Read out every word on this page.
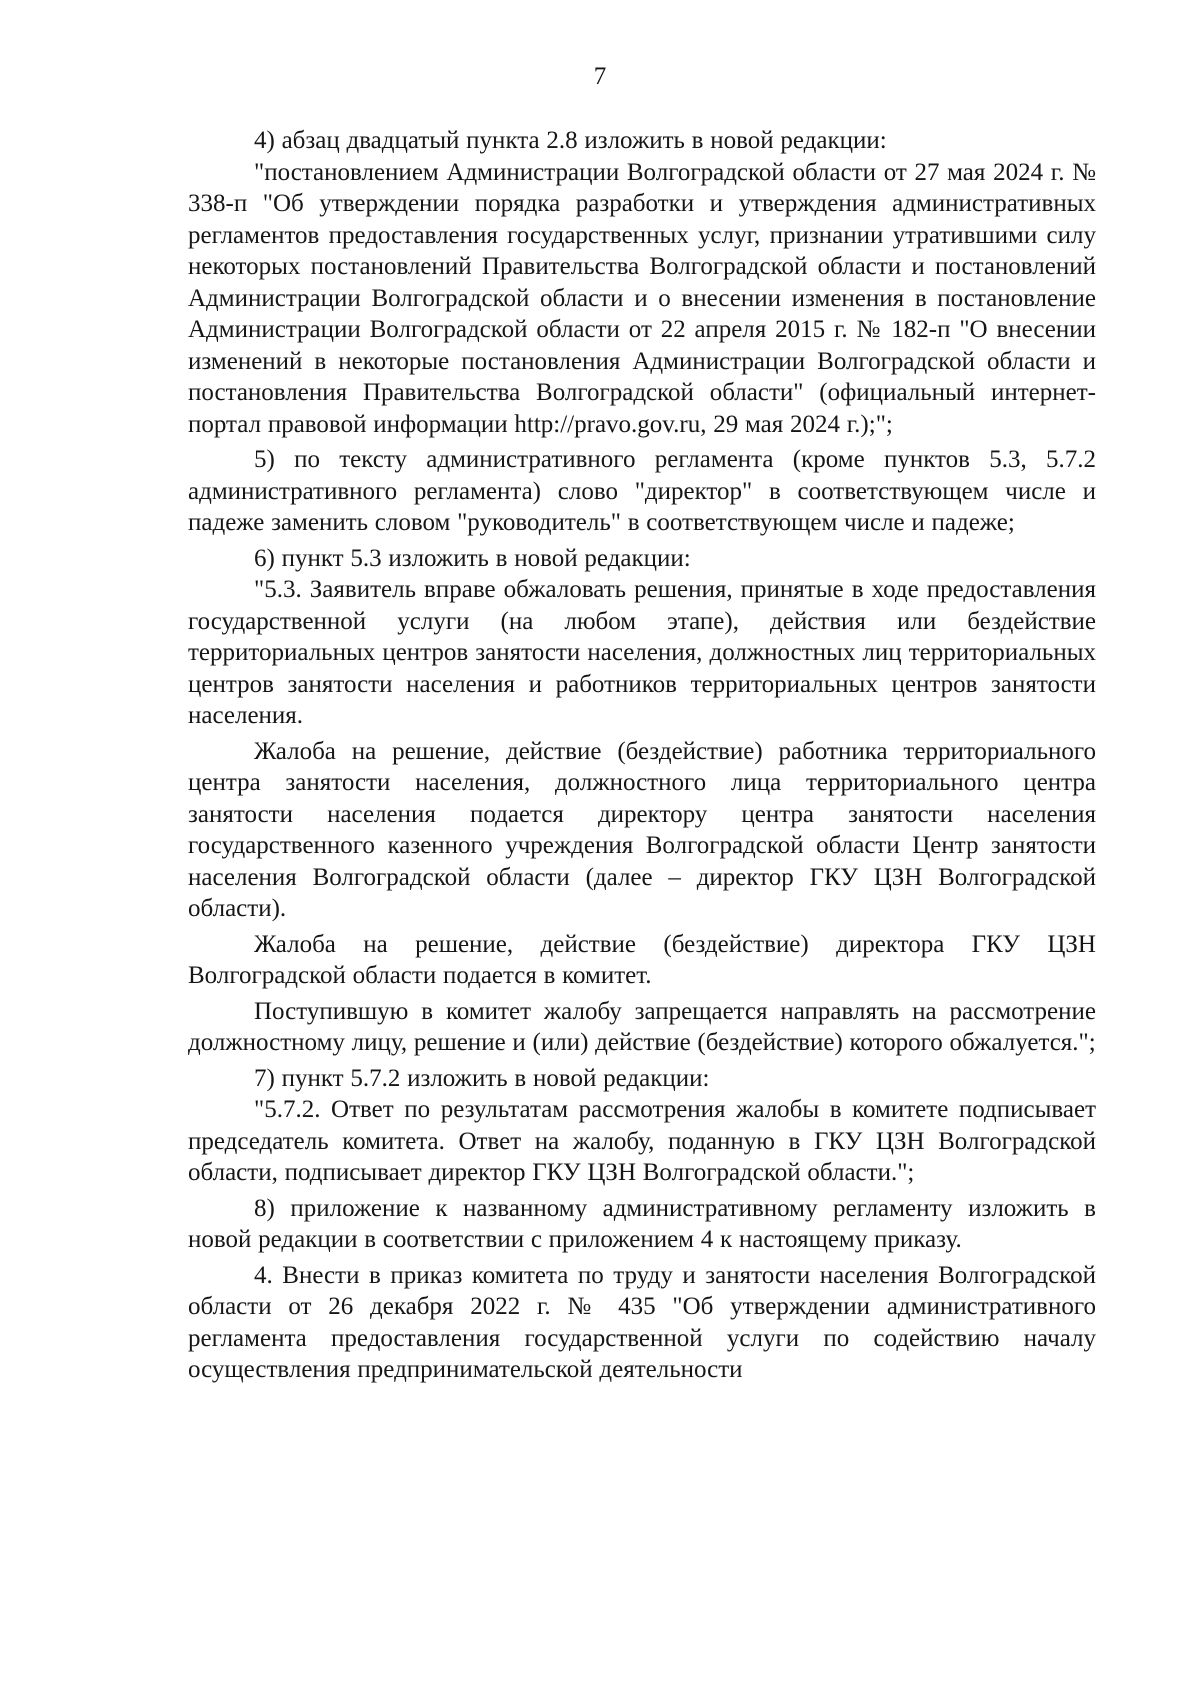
7

4) абзац двадцатый пункта 2.8 изложить в новой редакции:

"постановлением Администрации Волгоградской области от 27 мая 2024 г. № 338-п "Об утверждении порядка разработки и утверждения административных регламентов предоставления государственных услуг, признании утратившими силу некоторых постановлений Правительства Волгоградской области и постановлений Администрации Волгоградской области и о внесении изменения в постановление Администрации Волгоградской области от 22 апреля 2015 г. № 182-п "О внесении изменений в некоторые постановления Администрации Волгоградской области и постановления Правительства Волгоградской области" (официальный интернет-портал правовой информации http://pravo.gov.ru, 29 мая 2024 г.);";

5) по тексту административного регламента (кроме пунктов 5.3, 5.7.2 административного регламента) слово "директор" в соответствующем числе и падеже заменить словом "руководитель" в соответствующем числе и падеже;

6) пункт 5.3 изложить в новой редакции:

"5.3. Заявитель вправе обжаловать решения, принятые в ходе предоставления государственной услуги (на любом этапе), действия или бездействие территориальных центров занятости населения, должностных лиц территориальных центров занятости населения и работников территориальных центров занятости населения.

Жалоба на решение, действие (бездействие) работника территориального центра занятости населения, должностного лица территориального центра занятости населения подается директору центра занятости населения государственного казенного учреждения Волгоградской области Центр занятости населения Волгоградской области (далее – директор ГКУ ЦЗН Волгоградской области).

Жалоба на решение, действие (бездействие) директора ГКУ ЦЗН Волгоградской области подается в комитет.

Поступившую в комитет жалобу запрещается направлять на рассмотрение должностному лицу, решение и (или) действие (бездействие) которого обжалуется.";

7) пункт 5.7.2 изложить в новой редакции:

"5.7.2. Ответ по результатам рассмотрения жалобы в комитете подписывает председатель комитета. Ответ на жалобу, поданную в ГКУ ЦЗН Волгоградской области, подписывает директор ГКУ ЦЗН Волгоградской области.";

8) приложение к названному административному регламенту изложить в новой редакции в соответствии с приложением 4 к настоящему приказу.

4. Внести в приказ комитета по труду и занятости населения Волгоградской области от 26 декабря 2022 г. № 435 "Об утверждении административного регламента предоставления государственной услуги по содействию началу осуществления предпринимательской деятельности
